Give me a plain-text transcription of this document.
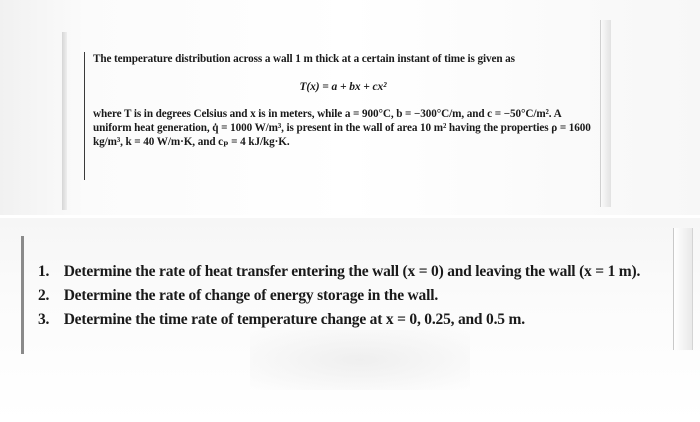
The temperature distribution across a wall 1 m thick at a certain instant of time is given as

T(x) = a + bx + cx²

where T is in degrees Celsius and x is in meters, while a = 900°C, b = −300°C/m, and c = −50°C/m². A uniform heat generation, q̇ = 1000 W/m³, is present in the wall of area 10 m² having the properties ρ = 1600 kg/m³, k = 40 W/m·K, and cₚ = 4 kJ/kg·K.

1. Determine the rate of heat transfer entering the wall (x = 0) and leaving the wall (x = 1 m).
2. Determine the rate of change of energy storage in the wall.
3. Determine the time rate of temperature change at x = 0, 0.25, and 0.5 m.
